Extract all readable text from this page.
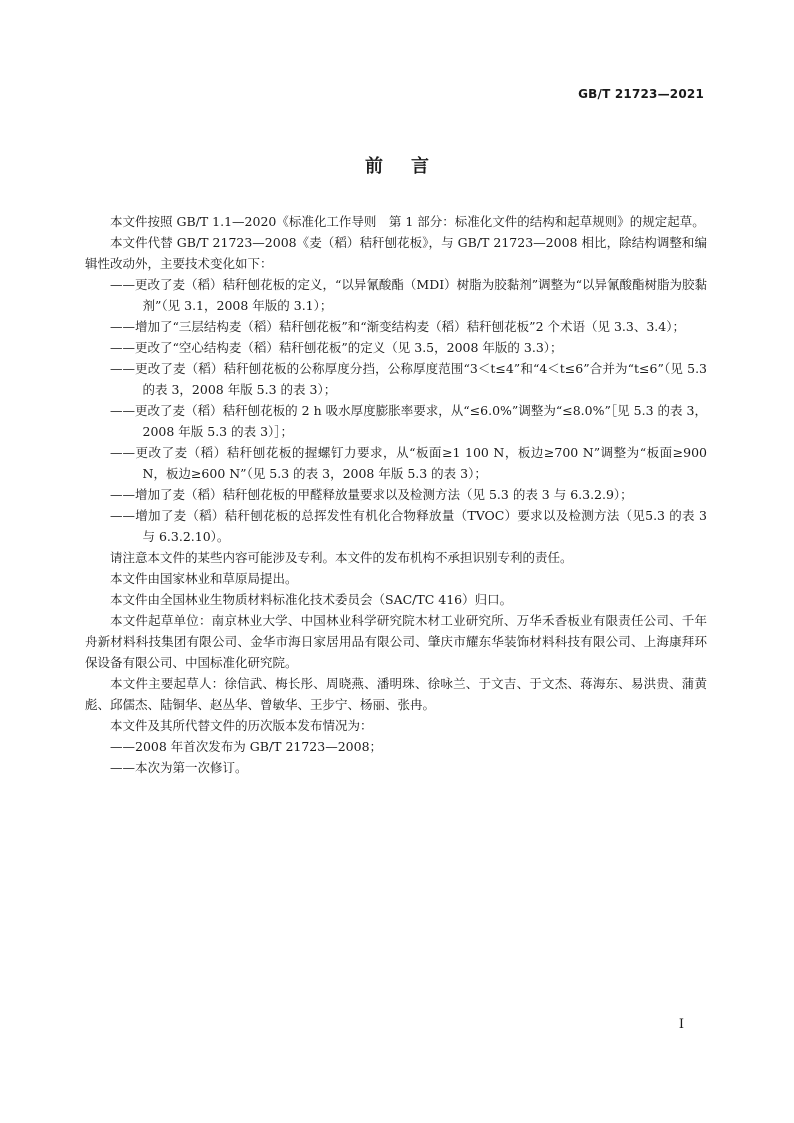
GB/T 21723—2021
前言

本文件按照 GB/T 1.1—2020《标准化工作导则　第 1 部分：标准化文件的结构和起草规则》的规定起草。

本文件代替 GB/T 21723—2008《麦（稻）秸秆刨花板》，与 GB/T 21723—2008 相比，除结构调整和编辑性改动外，主要技术变化如下：

——更改了麦（稻）秸秆刨花板的定义，“以异氰酸酯（MDI）树脂为胶黏剂”调整为“以异氰酸酯树脂为胶黏剂”（见 3.1，2008 年版的 3.1）；

——增加了“三层结构麦（稻）秸秆刨花板”和“渐变结构麦（稻）秸秆刨花板”2 个术语（见 3.3、3.4）；

——更改了“空心结构麦（稻）秸秆刨花板”的定义（见 3.5，2008 年版的 3.3）；

——更改了麦（稻）秸秆刨花板的公称厚度分挡，公称厚度范围“3＜t≤4”和“4＜t≤6”合并为“t≤6”（见 5.3 的表 3，2008 年版 5.3 的表 3）；

——更改了麦（稻）秸秆刨花板的 2 h 吸水厚度膨胀率要求，从“≤6.0%”调整为“≤8.0%”［见 5.3 的表 3，2008 年版 5.3 的表 3）］；

——更改了麦（稻）秸秆刨花板的握螺钉力要求，从“板面≥1 100 N，板边≥700 N”调整为“板面≥900 N，板边≥600 N”（见 5.3 的表 3，2008 年版 5.3 的表 3）；

——增加了麦（稻）秸秆刨花板的甲醛释放量要求以及检测方法（见 5.3 的表 3 与 6.3.2.9）；

——增加了麦（稻）秸秆刨花板的总挥发性有机化合物释放量（TVOC）要求以及检测方法（见5.3 的表 3 与 6.3.2.10）。

请注意本文件的某些内容可能涉及专利。本文件的发布机构不承担识别专利的责任。

本文件由国家林业和草原局提出。

本文件由全国林业生物质材料标准化技术委员会（SAC/TC 416）归口。

本文件起草单位：南京林业大学、中国林业科学研究院木材工业研究所、万华禾香板业有限责任公司、千年舟新材料科技集团有限公司、金华市海日家居用品有限公司、肇庆市耀东华装饰材料科技有限公司、上海康拜环保设备有限公司、中国标准化研究院。

本文件主要起草人：徐信武、梅长彤、周晓燕、潘明珠、徐咏兰、于文吉、于文杰、蒋海东、易洪贵、蒲黄彪、邱儒杰、陆铜华、赵丛华、曾敏华、王步宁、杨丽、张冉。

本文件及其所代替文件的历次版本发布情况为：

——2008 年首次发布为 GB/T 21723—2008；

——本次为第一次修订。

I
